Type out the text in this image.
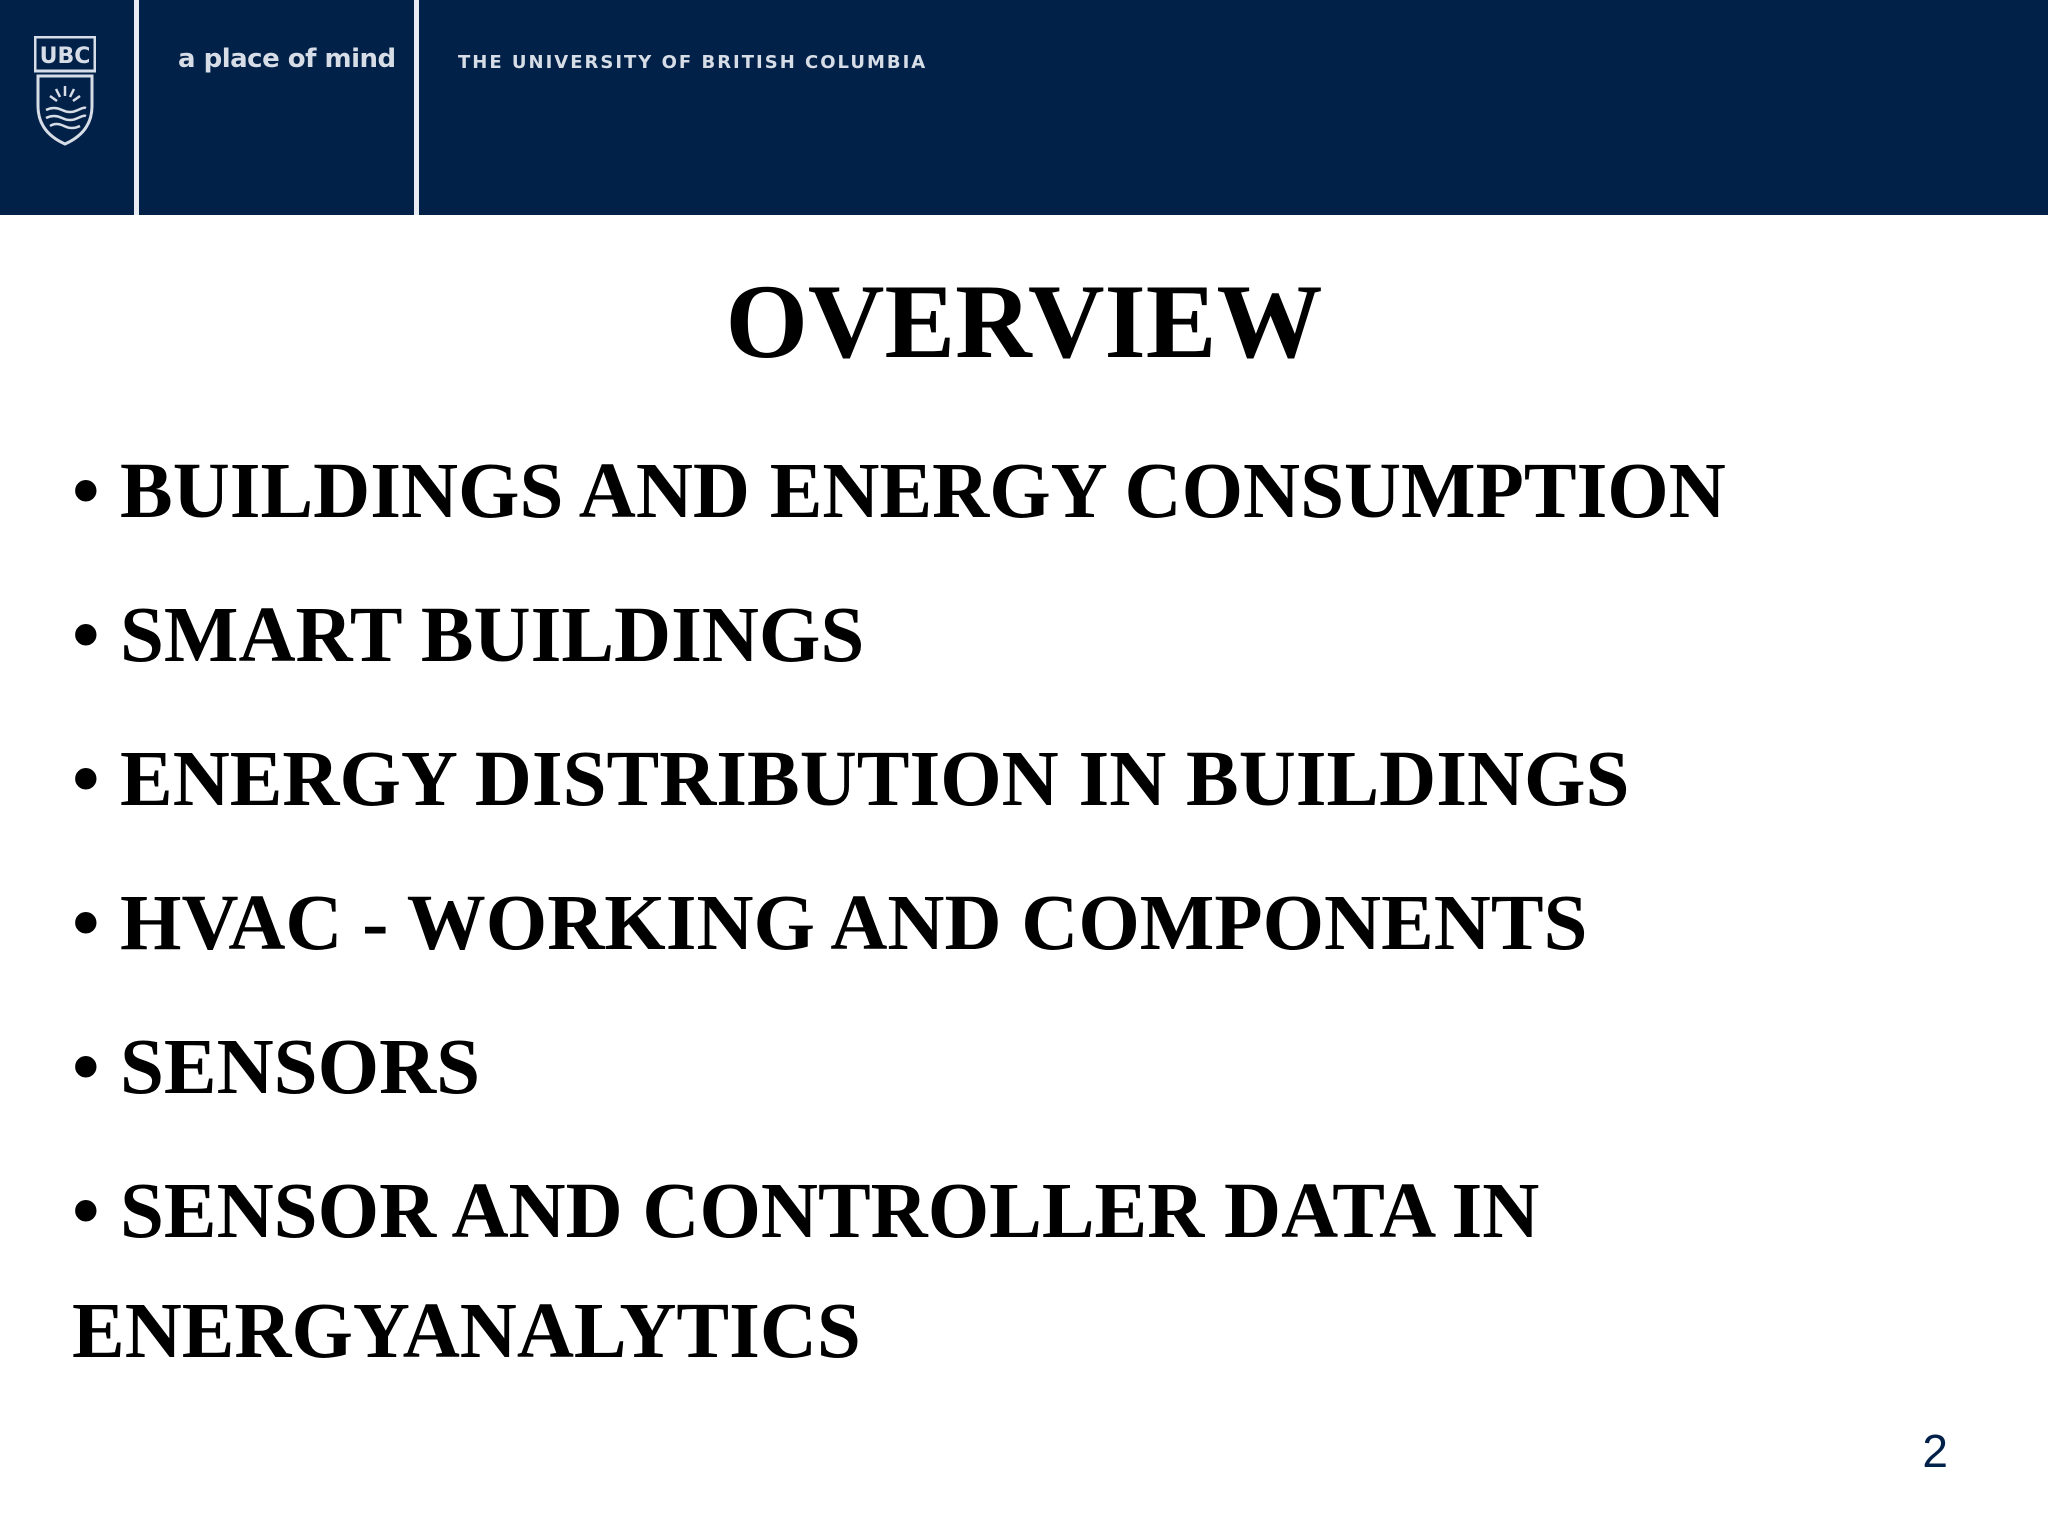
UBC	a place of mind	THE UNIVERSITY OF BRITISH COLUMBIA
OVERVIEW
• BUILDINGS AND ENERGY CONSUMPTION
• SMART BUILDINGS
• ENERGY DISTRIBUTION IN BUILDINGS
• HVAC - WORKING AND COMPONENTS
• SENSORS
• SENSOR AND CONTROLLER DATA IN
ENERGYANALYTICS
2
